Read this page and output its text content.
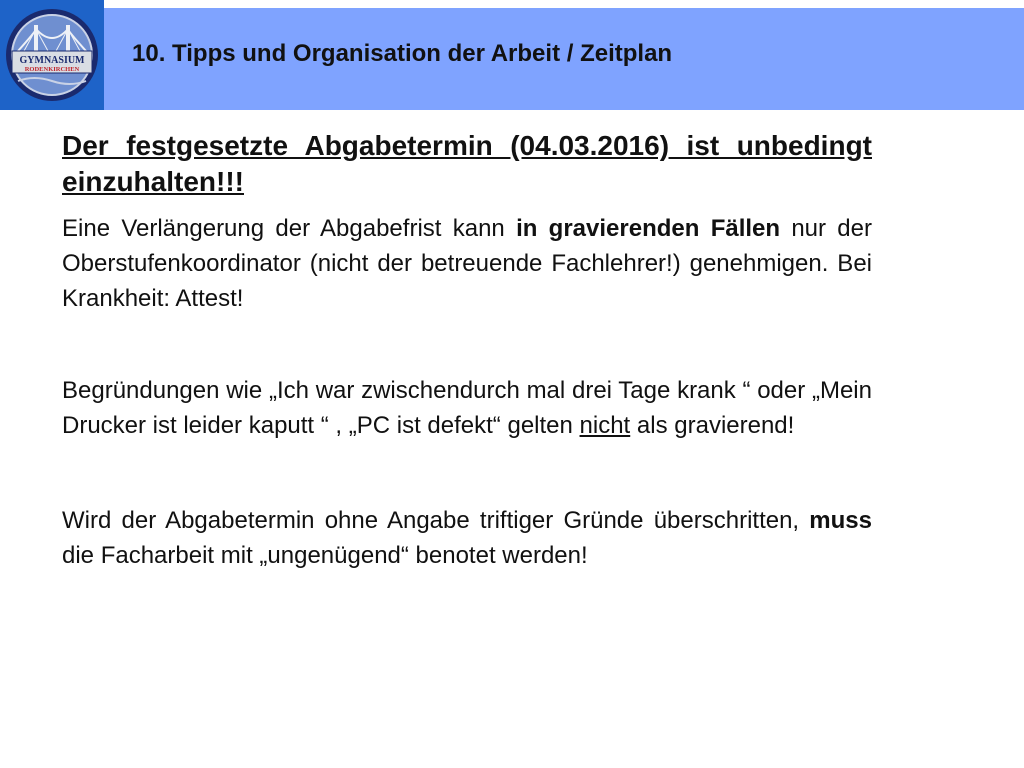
GYMNASIUM
RODENKIRCHEN
10. Tipps und Organisation der Arbeit / Zeitplan

Der festgesetzte Abgabetermin (04.03.2016) ist unbedingt einzuhalten!!!

Eine Verlängerung der Abgabefrist kann in gravierenden Fällen nur der Oberstufenkoordinator (nicht der betreuende Fachlehrer!) genehmigen. Bei Krankheit: Attest!

Begründungen wie „Ich war zwischendurch mal drei Tage krank “ oder „Mein Drucker ist leider kaputt “ , „PC ist defekt“ gelten nicht als gravierend!

Wird der Abgabetermin ohne Angabe triftiger Gründe überschritten, muss die Facharbeit mit „ungenügend“ benotet werden!
